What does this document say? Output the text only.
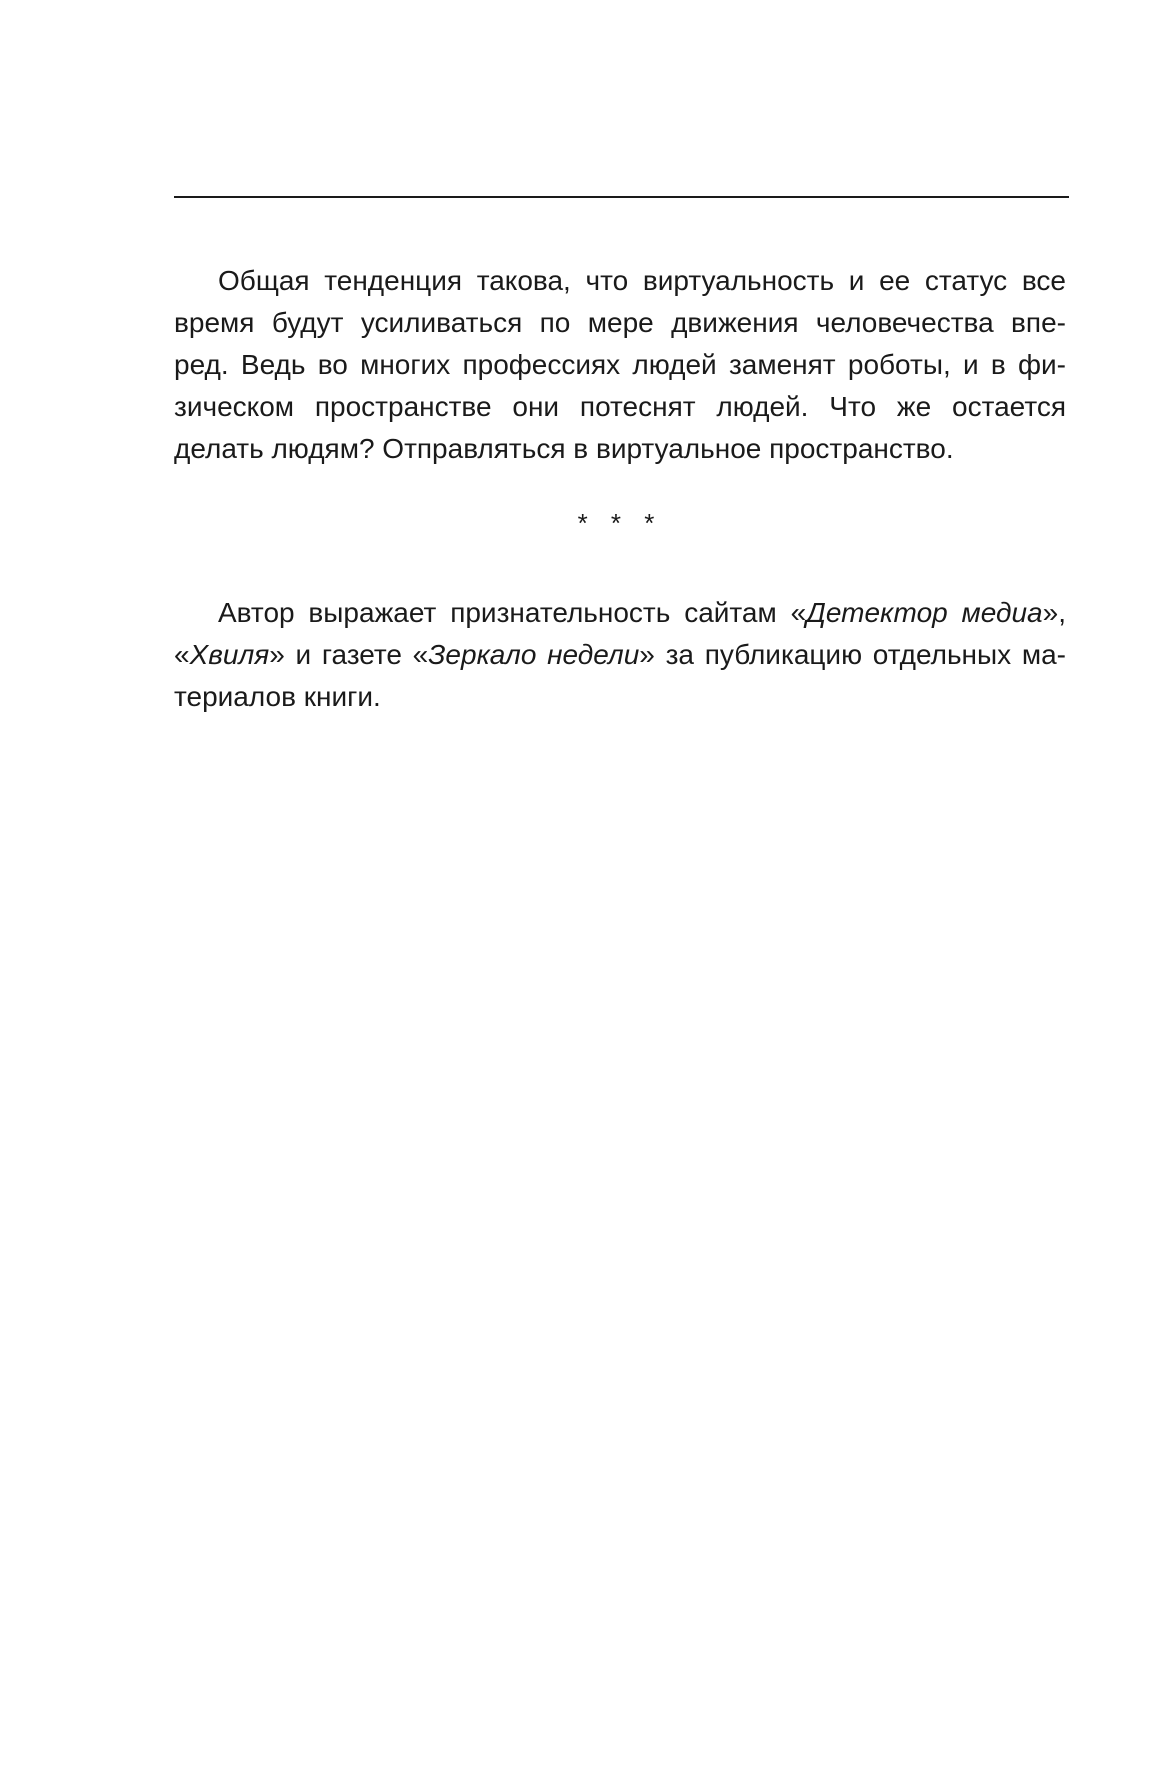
Общая тенденция такова, что виртуальность и ее статус все
время будут усиливаться по мере движения человечества впе-
ред. Ведь во многих профессиях людей заменят роботы, и в фи-
зическом пространстве они потеснят людей. Что же остается
делать людям? Отправляться в виртуальное пространство.
* * *
Автор выражает признательность сайтам «Детектор медиа»,
«Хвиля» и газете «Зеркало недели» за публикацию отдельных ма-
териалов книги.
